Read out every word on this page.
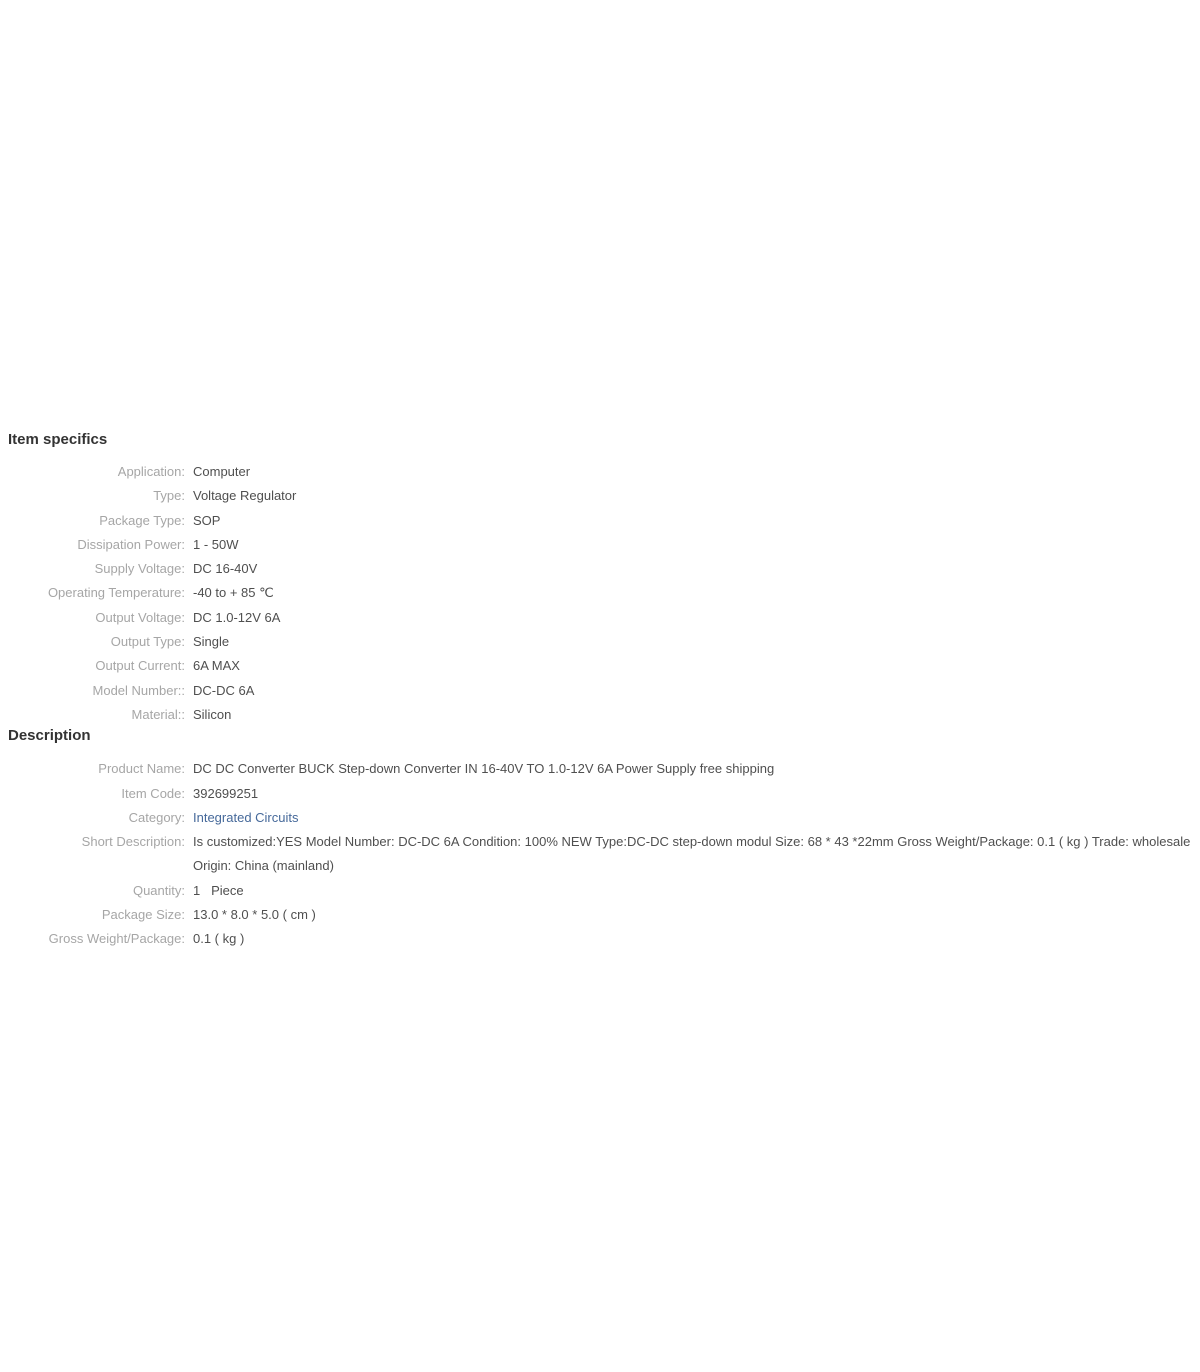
Item specifics
Application: Computer
Type: Voltage Regulator
Package Type: SOP
Dissipation Power: 1 - 50W
Supply Voltage: DC 16-40V
Operating Temperature: -40 to + 85 ℃
Output Voltage: DC 1.0-12V 6A
Output Type: Single
Output Current: 6A MAX
Model Number:: DC-DC 6A
Material:: Silicon
Description
Product Name: DC DC Converter BUCK Step-down Converter IN 16-40V TO 1.0-12V 6A Power Supply free shipping
Item Code: 392699251
Category: Integrated Circuits
Short Description: Is customized:YES Model Number: DC-DC 6A Condition: 100% NEW Type:DC-DC step-down modul Size: 68 * 43 *22mm Gross Weight/Package: 0.1 ( kg ) Trade: wholesale Origin: China (mainland)
Quantity: 1   Piece
Package Size: 13.0 * 8.0 * 5.0 ( cm )
Gross Weight/Package: 0.1 ( kg )
